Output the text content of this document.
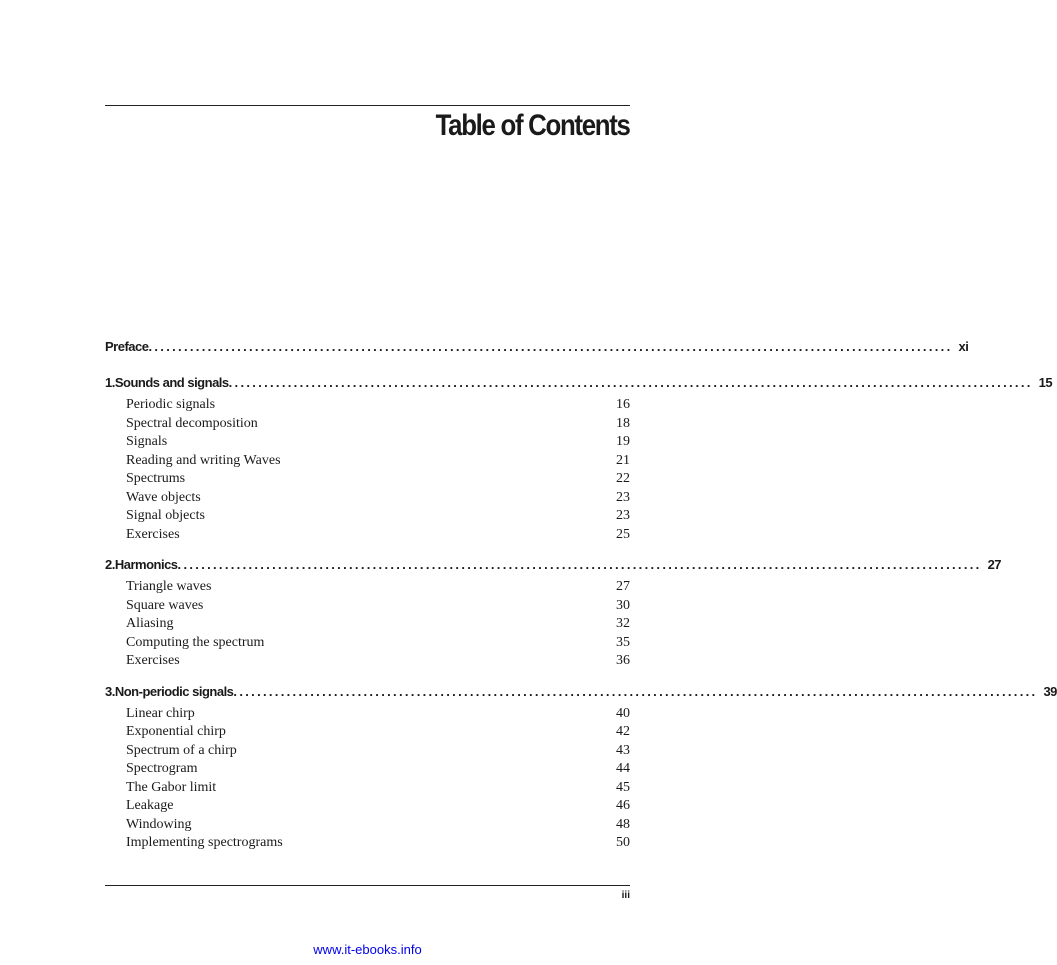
Table of Contents
Preface ........................................................................................................................................ xi
1. Sounds and signals ........................................................................................................................................ 15
Periodic signals	16
Spectral decomposition	18
Signals	19
Reading and writing Waves	21
Spectrums	22
Wave objects	23
Signal objects	23
Exercises	25
2. Harmonics ........................................................................................................................................ 27
Triangle waves	27
Square waves	30
Aliasing	32
Computing the spectrum	35
Exercises	36
3. Non-periodic signals ........................................................................................................................................ 39
Linear chirp	40
Exponential chirp	42
Spectrum of a chirp	43
Spectrogram	44
The Gabor limit	45
Leakage	46
Windowing	48
Implementing spectrograms	50
iii
www.it-ebooks.info
